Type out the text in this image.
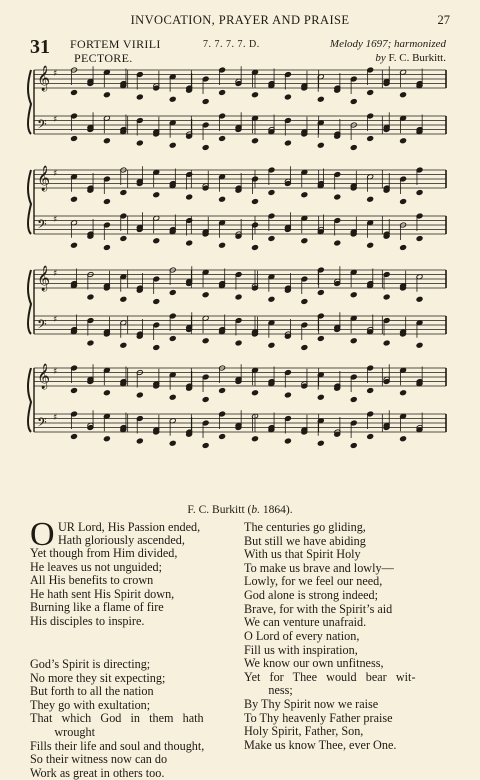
INVOCATION, PRAYER AND PRAISE	27
31 FORTEM VIRILI
PECTORE.
7. 7. 7. 7. D.	Melody 1697; harmonized
by F. C. Burkitt.
𝄞 ♯
𝄢 ♯
𝄞 ♯
𝄢 ♯
𝄞 ♯
𝄢 ♯
𝄞 ♯
𝄢 ♯
F. C. Burkitt (b. 1864).
O UR Lord, His Passion ended,
Hath gloriously ascended,
Yet though from Him divided,
He leaves us not unguided;
All His benefits to crown
He hath sent His Spirit down,
Burning like a flame of fire
His disciples to inspire.
God’s Spirit is directing;
No more they sit expecting;
But forth to all the nation
They go with exultation;
That   which   God   in   them   hath
wrought
Fills their life and soul and thought,
So their witness now can do
Work as great in others too.
The centuries go gliding,
But still we have abiding
With us that Spirit Holy
To make us brave and lowly—
Lowly, for we feel our need,
God alone is strong indeed;
Brave, for with the Spirit’s aid
We can venture unafraid.
O Lord of every nation,
Fill us with inspiration,
We know our own unfitness,
Yet   for   Thee   would   bear   wit-
ness;
By Thy Spirit now we raise
To Thy heavenly Father praise
Holy Spirit, Father, Son,
Make us know Thee, ever One.
